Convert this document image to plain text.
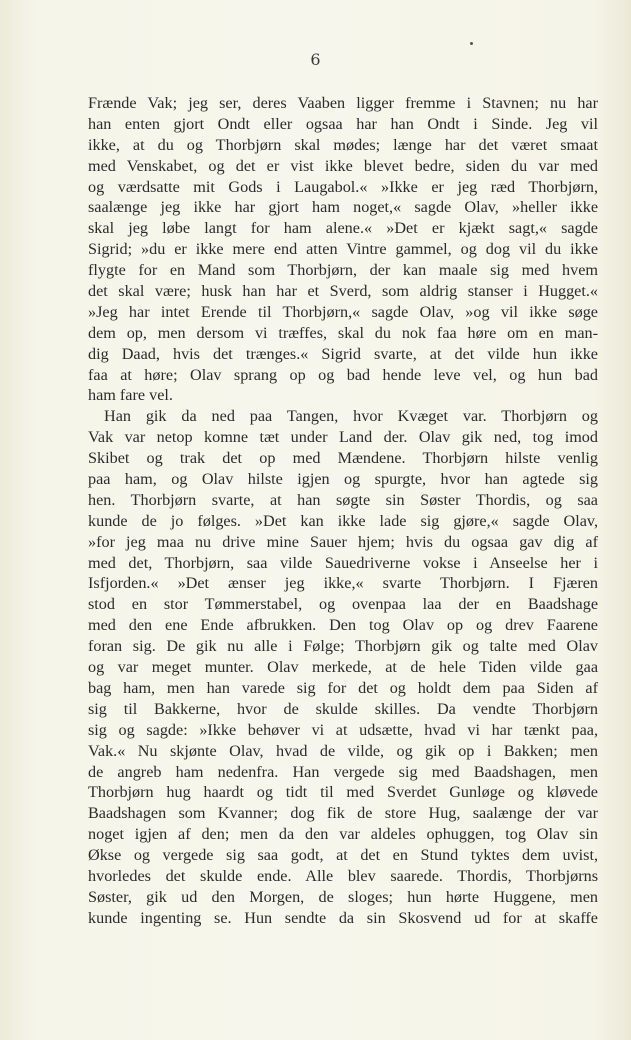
6
Frænde Vak; jeg ser, deres Vaaben ligger fremme i Stavnen; nu har
han enten gjort Ondt eller ogsaa har han Ondt i Sinde. Jeg vil
ikke, at du og Thorbjørn skal mødes; længe har det været smaat
med Venskabet, og det er vist ikke blevet bedre, siden du var med
og værdsatte mit Gods i Laugabol.« »Ikke er jeg ræd Thorbjørn,
saalænge jeg ikke har gjort ham noget,« sagde Olav, »heller ikke
skal jeg løbe langt for ham alene.« »Det er kjækt sagt,« sagde
Sigrid; »du er ikke mere end atten Vintre gammel, og dog vil du ikke
flygte for en Mand som Thorbjørn, der kan maale sig med hvem
det skal være; husk han har et Sverd, som aldrig stanser i Hugget.«
»Jeg har intet Erende til Thorbjørn,« sagde Olav, »og vil ikke søge
dem op, men dersom vi træffes, skal du nok faa høre om en man-
dig Daad, hvis det trænges.« Sigrid svarte, at det vilde hun ikke
faa at høre; Olav sprang op og bad hende leve vel, og hun bad
ham fare vel.
Han gik da ned paa Tangen, hvor Kvæget var. Thorbjørn og
Vak var netop komne tæt under Land der. Olav gik ned, tog imod
Skibet og trak det op med Mændene. Thorbjørn hilste venlig
paa ham, og Olav hilste igjen og spurgte, hvor han agtede sig
hen. Thorbjørn svarte, at han søgte sin Søster Thordis, og saa
kunde de jo følges. »Det kan ikke lade sig gjøre,« sagde Olav,
»for jeg maa nu drive mine Sauer hjem; hvis du ogsaa gav dig af
med det, Thorbjørn, saa vilde Sauedriverne vokse i Anseelse her i
Isfjorden.« »Det ænser jeg ikke,« svarte Thorbjørn. I Fjæren
stod en stor Tømmerstabel, og ovenpaa laa der en Baadshage
med den ene Ende afbrukken. Den tog Olav op og drev Faarene
foran sig. De gik nu alle i Følge; Thorbjørn gik og talte med Olav
og var meget munter. Olav merkede, at de hele Tiden vilde gaa
bag ham, men han varede sig for det og holdt dem paa Siden af
sig til Bakkerne, hvor de skulde skilles. Da vendte Thorbjørn
sig og sagde: »Ikke behøver vi at udsætte, hvad vi har tænkt paa,
Vak.« Nu skjønte Olav, hvad de vilde, og gik op i Bakken; men
de angreb ham nedenfra. Han vergede sig med Baadshagen, men
Thorbjørn hug haardt og tidt til med Sverdet Gunløge og kløvede
Baadshagen som Kvanner; dog fik de store Hug, saalænge der var
noget igjen af den; men da den var aldeles ophuggen, tog Olav sin
Økse og vergede sig saa godt, at det en Stund tyktes dem uvist,
hvorledes det skulde ende. Alle blev saarede. Thordis, Thorbjørns
Søster, gik ud den Morgen, de sloges; hun hørte Huggene, men
kunde ingenting se. Hun sendte da sin Skosvend ud for at skaffe
